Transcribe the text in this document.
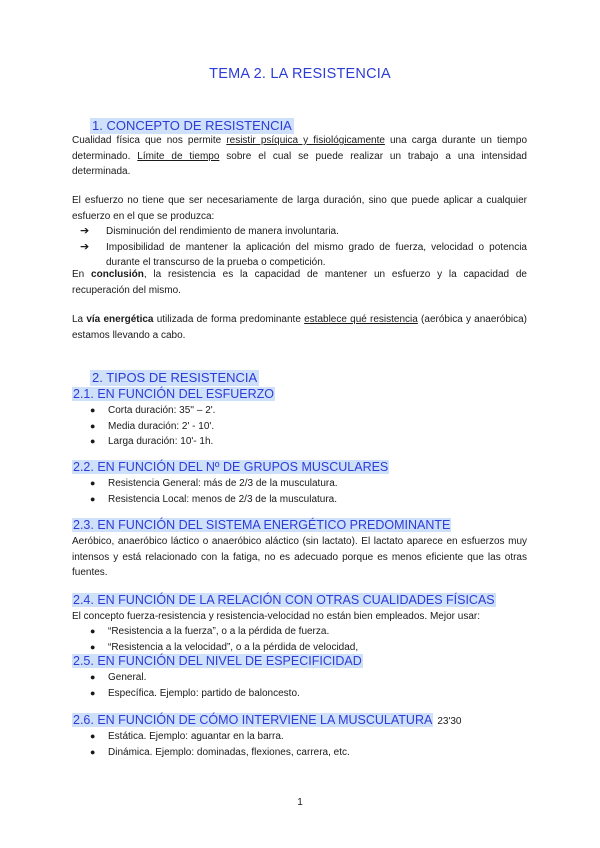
TEMA 2. LA RESISTENCIA
1. CONCEPTO DE RESISTENCIA

Cualidad física que nos permite resistir psíquica y fisiológicamente una carga durante un tiempo determinado. Límite de tiempo sobre el cual se puede realizar un trabajo a una intensidad determinada.

El esfuerzo no tiene que ser necesariamente de larga duración, sino que puede aplicar a cualquier esfuerzo en el que se produzca:

➔ Disminución del rendimiento de manera involuntaria.
➔ Imposibilidad de mantener la aplicación del mismo grado de fuerza, velocidad o potencia durante el transcurso de la prueba o competición.

En conclusión, la resistencia es la capacidad de mantener un esfuerzo y la capacidad de recuperación del mismo.

La vía energética utilizada de forma predominante establece qué resistencia (aeróbica y anaeróbica) estamos llevando a cabo.

2. TIPOS DE RESISTENCIA
2.1. EN FUNCIÓN DEL ESFUERZO
● Corta duración: 35'' – 2'.
● Media duración: 2' - 10'.
● Larga duración: 10'- 1h.
2.2. EN FUNCIÓN DEL Nº DE GRUPOS MUSCULARES
● Resistencia General: más de 2/3 de la musculatura.
● Resistencia Local: menos de 2/3 de la musculatura.
2.3. EN FUNCIÓN DEL SISTEMA ENERGÉTICO PREDOMINANTE

Aeróbico, anaeróbico láctico o anaeróbico aláctico (sin lactato). El lactato aparece en esfuerzos muy intensos y está relacionado con la fatiga, no es adecuado porque es menos eficiente que las otras fuentes.

2.4. EN FUNCIÓN DE LA RELACIÓN CON OTRAS CUALIDADES FÍSICAS

El concepto fuerza-resistencia y resistencia-velocidad no están bien empleados. Mejor usar:

● “Resistencia a la fuerza”, o a la pérdida de fuerza.
● “Resistencia a la velocidad”, o a la pérdida de velocidad,
2.5. EN FUNCIÓN DEL NIVEL DE ESPECIFICIDAD
● General.
● Específica. Ejemplo: partido de baloncesto.
2.6. EN FUNCIÓN DE CÓMO INTERVIENE LA MUSCULATURA 23'30
● Estática. Ejemplo: aguantar en la barra.
● Dinámica. Ejemplo: dominadas, flexiones, carrera, etc.
1
